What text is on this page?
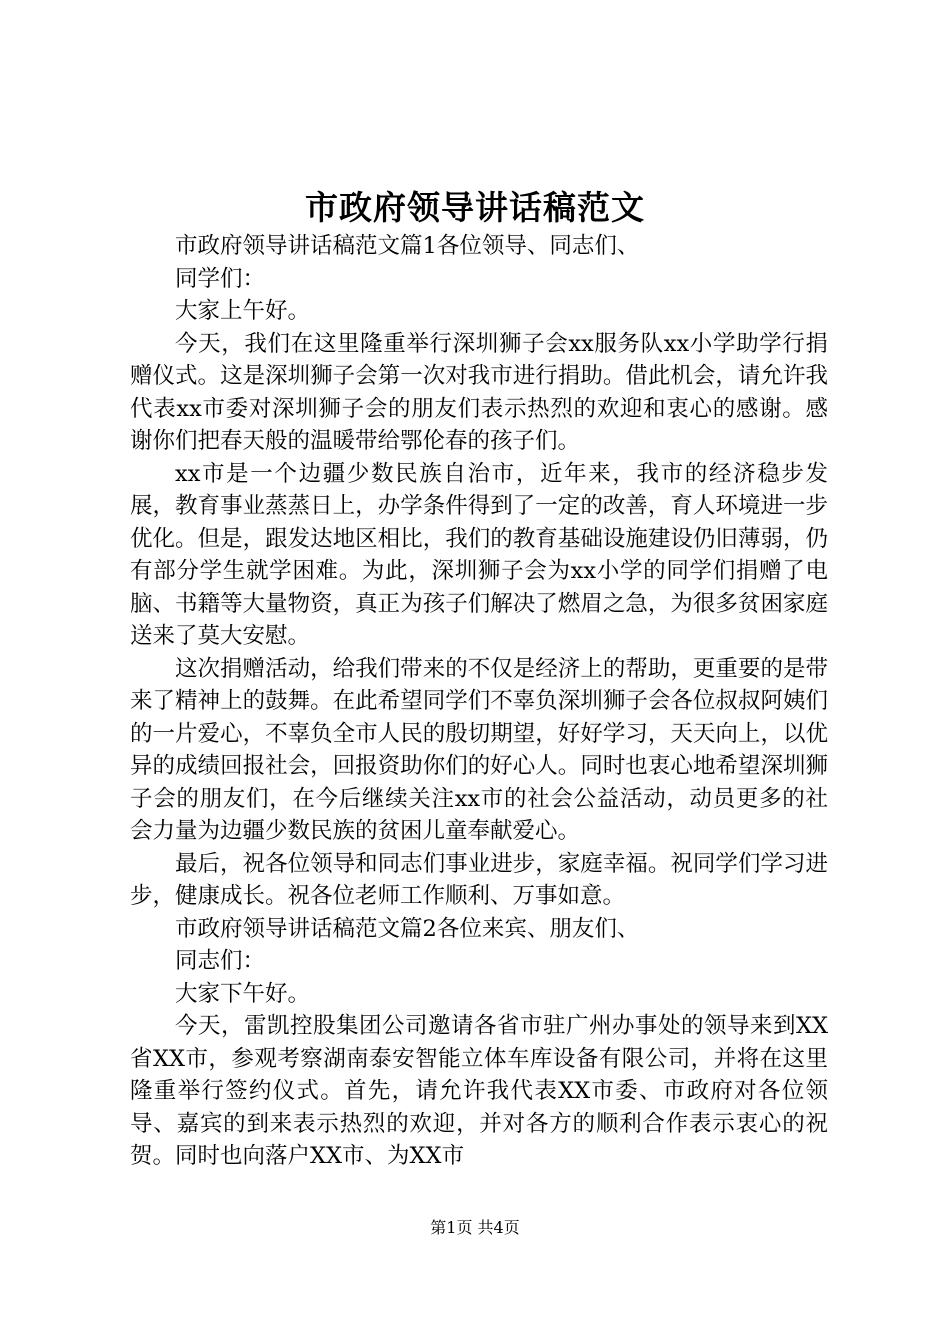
市政府领导讲话稿范文

市政府领导讲话稿范文篇1各位领导、同志们、

同学们：

大家上午好。

今天，我们在这里隆重举行深圳狮子会xx服务队xx小学助学行捐赠仪式。这是深圳狮子会第一次对我市进行捐助。借此机会，请允许我代表xx市委对深圳狮子会的朋友们表示热烈的欢迎和衷心的感谢。感谢你们把春天般的温暖带给鄂伦春的孩子们。

xx市是一个边疆少数民族自治市，近年来，我市的经济稳步发展，教育事业蒸蒸日上，办学条件得到了一定的改善，育人环境进一步优化。但是，跟发达地区相比，我们的教育基础设施建设仍旧薄弱，仍有部分学生就学困难。为此，深圳狮子会为xx小学的同学们捐赠了电脑、书籍等大量物资，真正为孩子们解决了燃眉之急，为很多贫困家庭送来了莫大安慰。

这次捐赠活动，给我们带来的不仅是经济上的帮助，更重要的是带来了精神上的鼓舞。在此希望同学们不辜负深圳狮子会各位叔叔阿姨们的一片爱心，不辜负全市人民的殷切期望，好好学习，天天向上，以优异的成绩回报社会，回报资助你们的好心人。同时也衷心地希望深圳狮子会的朋友们，在今后继续关注xx市的社会公益活动，动员更多的社会力量为边疆少数民族的贫困儿童奉献爱心。

最后，祝各位领导和同志们事业进步，家庭幸福。祝同学们学习进步，健康成长。祝各位老师工作顺利、万事如意。

市政府领导讲话稿范文篇2各位来宾、朋友们、

同志们：

大家下午好。

今天，雷凯控股集团公司邀请各省市驻广州办事处的领导来到XX省XX市，参观考察湖南泰安智能立体车库设备有限公司，并将在这里隆重举行签约仪式。首先，请允许我代表XX市委、市政府对各位领导、嘉宾的到来表示热烈的欢迎，并对各方的顺利合作表示衷心的祝贺。同时也向落户XX市、为XX市

第1页 共4页
